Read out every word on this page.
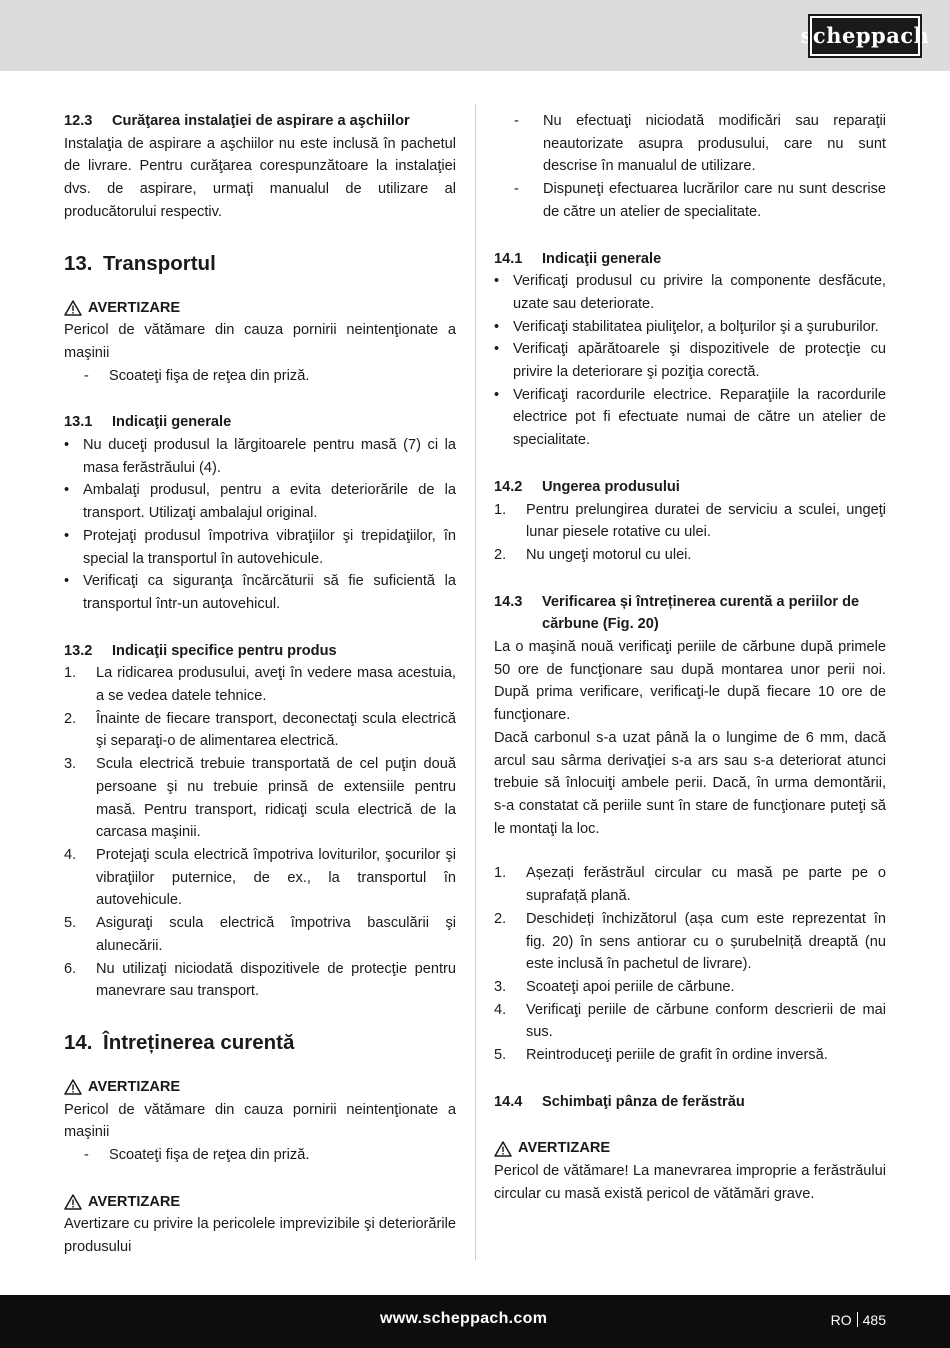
scheppach
12.3	Curăţarea instalaţiei de aspirare a aşchiilor

Instalaţia de aspirare a aşchiilor nu este inclusă în pachetul de livrare. Pentru curăţarea corespunzătoare la instalaţiei dvs. de aspirare, urmaţi manualul de utilizare al producătorului respectiv.

13. Transportul
AVERTIZARE

Pericol de vătămare din cauza pornirii neintenţionate a maşinii

-	Scoateţi fişa de reţea din priză.
13.1	Indicaţii generale
• Nu duceţi produsul la lărgitoarele pentru masă (7) ci la masa ferăstrăului (4).
• Ambalaţi produsul, pentru a evita deteriorările de la transport. Utilizaţi ambalajul original.
• Protejaţi produsul împotriva vibraţiilor şi trepidaţiilor, în special la transportul în autovehicule.
• Verificaţi ca siguranţa încărcăturii să fie suficientă la transportul într-un autovehicul.
13.2	Indicaţii specifice pentru produs
1.	La ridicarea produsului, aveţi în vedere masa acestuia, a se vedea datele tehnice.
2.	Înainte de fiecare transport, deconectaţi scula electrică şi separaţi-o de alimentarea electrică.
3.	Scula electrică trebuie transportată de cel puţin două persoane şi nu trebuie prinsă de extensiile pentru masă. Pentru transport, ridicaţi scula electrică de la carcasa maşinii.
4.	Protejaţi scula electrică împotriva loviturilor, şocurilor şi vibraţiilor puternice, de ex., la transportul în autovehicule.
5.	Asiguraţi scula electrică împotriva basculării şi alunecării.
6.	Nu utilizaţi niciodată dispozitivele de protecţie pentru manevrare sau transport.
14. Întreținerea curentă
AVERTIZARE

Pericol de vătămare din cauza pornirii neintenţionate a maşinii

-	Scoateţi fişa de reţea din priză.
AVERTIZARE

Avertizare cu privire la pericolele imprevizibile şi deteriorările produsului

-	Nu efectuaţi niciodată modificări sau reparaţii neautorizate asupra produsului, care nu sunt descrise în manualul de utilizare.
-	Dispuneţi efectuarea lucrărilor care nu sunt descrise de către un atelier de specialitate.
14.1	Indicaţii generale
• Verificaţi produsul cu privire la componente desfăcute, uzate sau deteriorate.
• Verificaţi stabilitatea piuliţelor, a bolţurilor şi a şuruburilor.
• Verificaţi apărătoarele şi dispozitivele de protecţie cu privire la deteriorare şi poziţia corectă.
• Verificaţi racordurile electrice. Reparaţiile la racordurile electrice pot fi efectuate numai de către un atelier de specialitate.
14.2	Ungerea produsului
1.	Pentru prelungirea duratei de serviciu a sculei, ungeţi lunar piesele rotative cu ulei.
2.	Nu ungeţi motorul cu ulei.
14.3	Verificarea și întreținerea curentă a periilor de cărbune (Fig. 20)

La o maşină nouă verificaţi periile de cărbune după primele 50 ore de funcţionare sau după montarea unor perii noi. După prima verificare, verificaţi-le după fiecare 10 ore de funcţionare.

Dacă carbonul s-a uzat până la o lungime de 6 mm, dacă arcul sau sârma derivaţiei s-a ars sau s-a deteriorat atunci trebuie să înlocuiţi ambele perii. Dacă, în urma demontării, s-a constatat că periile sunt în stare de funcţionare puteţi să le montaţi la loc.

1.	Așezați ferăstrăul circular cu masă pe parte pe o suprafață plană.
2.	Deschideți închizătorul (așa cum este reprezentat în fig. 20) în sens antiorar cu o șurubelniță dreaptă (nu este inclusă în pachetul de livrare).
3.	Scoateţi apoi periile de cărbune.
4.	Verificaţi periile de cărbune conform descrierii de mai sus.
5.	Reintroduceţi periile de grafit în ordine inversă.
14.4	Schimbaţi pânza de ferăstrău
AVERTIZARE

Pericol de vătămare! La manevrarea improprie a ferăstrăului circular cu masă există pericol de vătămări grave.

www.scheppach.com	RO 485
